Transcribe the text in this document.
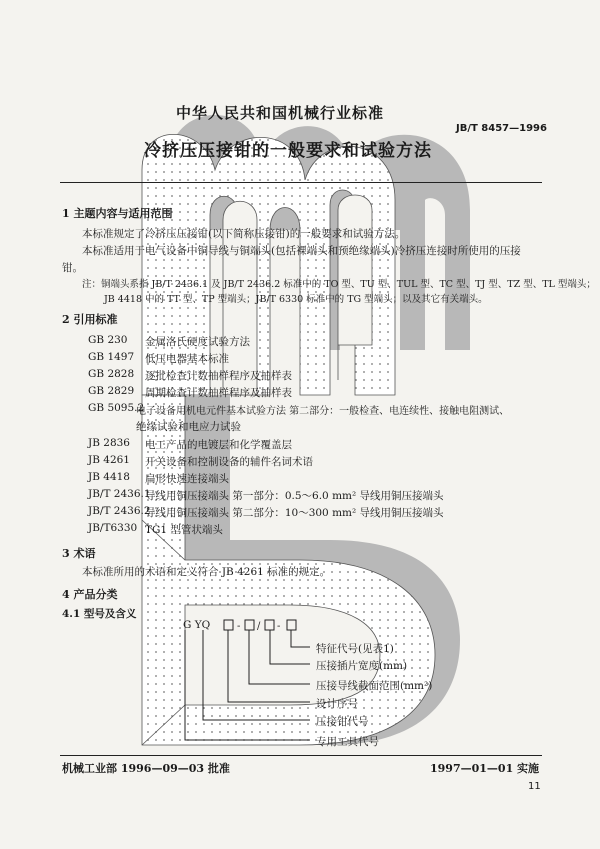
中华人民共和国机械行业标准
JB/T 8457—1996
冷挤压压接钳的一般要求和试验方法
1 主题内容与适用范围
本标准规定了冷挤压压接钳(以下简称压接钳)的一般要求和试验方法。
本标准适用于电气设备中铜导线与铜端头(包括裸端头和预绝缘端头)冷挤压连接时所使用的压接
钳。
注：铜端头系指 JB/T 2436.1 及 JB/T 2436.2 标准中的 TO 型、TU 型、TUL 型、TC 型、TJ 型、TZ 型、TL 型端头；
JB 4418 中的 TT 型、TP 型端头；JB/T 6330 标准中的 TG 型端头；以及其它有关端头。
2 引用标准
GB 230 金属洛氏硬度试验方法
GB 1497 低压电器基本标准
GB 2828 逐批检查计数抽样程序及抽样表
GB 2829 周期检查计数抽样程序及抽样表
GB 5095.2
电子设备用机电元件基本试验方法 第二部分：一般检查、电连续性、接触电阻测试、
绝缘试验和电应力试验
JB 2836 电工产品的电镀层和化学覆盖层
JB 4261 开关设备和控制设备的辅件名词术语
JB 4418 扁形快速连接端头
JB/T 2436.1
导线用铜压接端头 第一部分：0.5～6.0 mm² 导线用铜压接端头
JB/T 2436.2
导线用铜压接端头 第二部分：10～300 mm² 导线用铜压接端头
JB/T6330 TG1 型管状端头
3 术语
本标准所用的术语和定义符合 JB 4261 标准的规定。
4 产品分类
4.1 型号及含义
G YQ	- / -
特征代号(见表1)
压接插片宽度(mm)
压接导线截面范围(mm²)
设计序号
压接钳代号
专用工具代号
机械工业部 1996—09—03 批准	1997—01—01 实施
11
